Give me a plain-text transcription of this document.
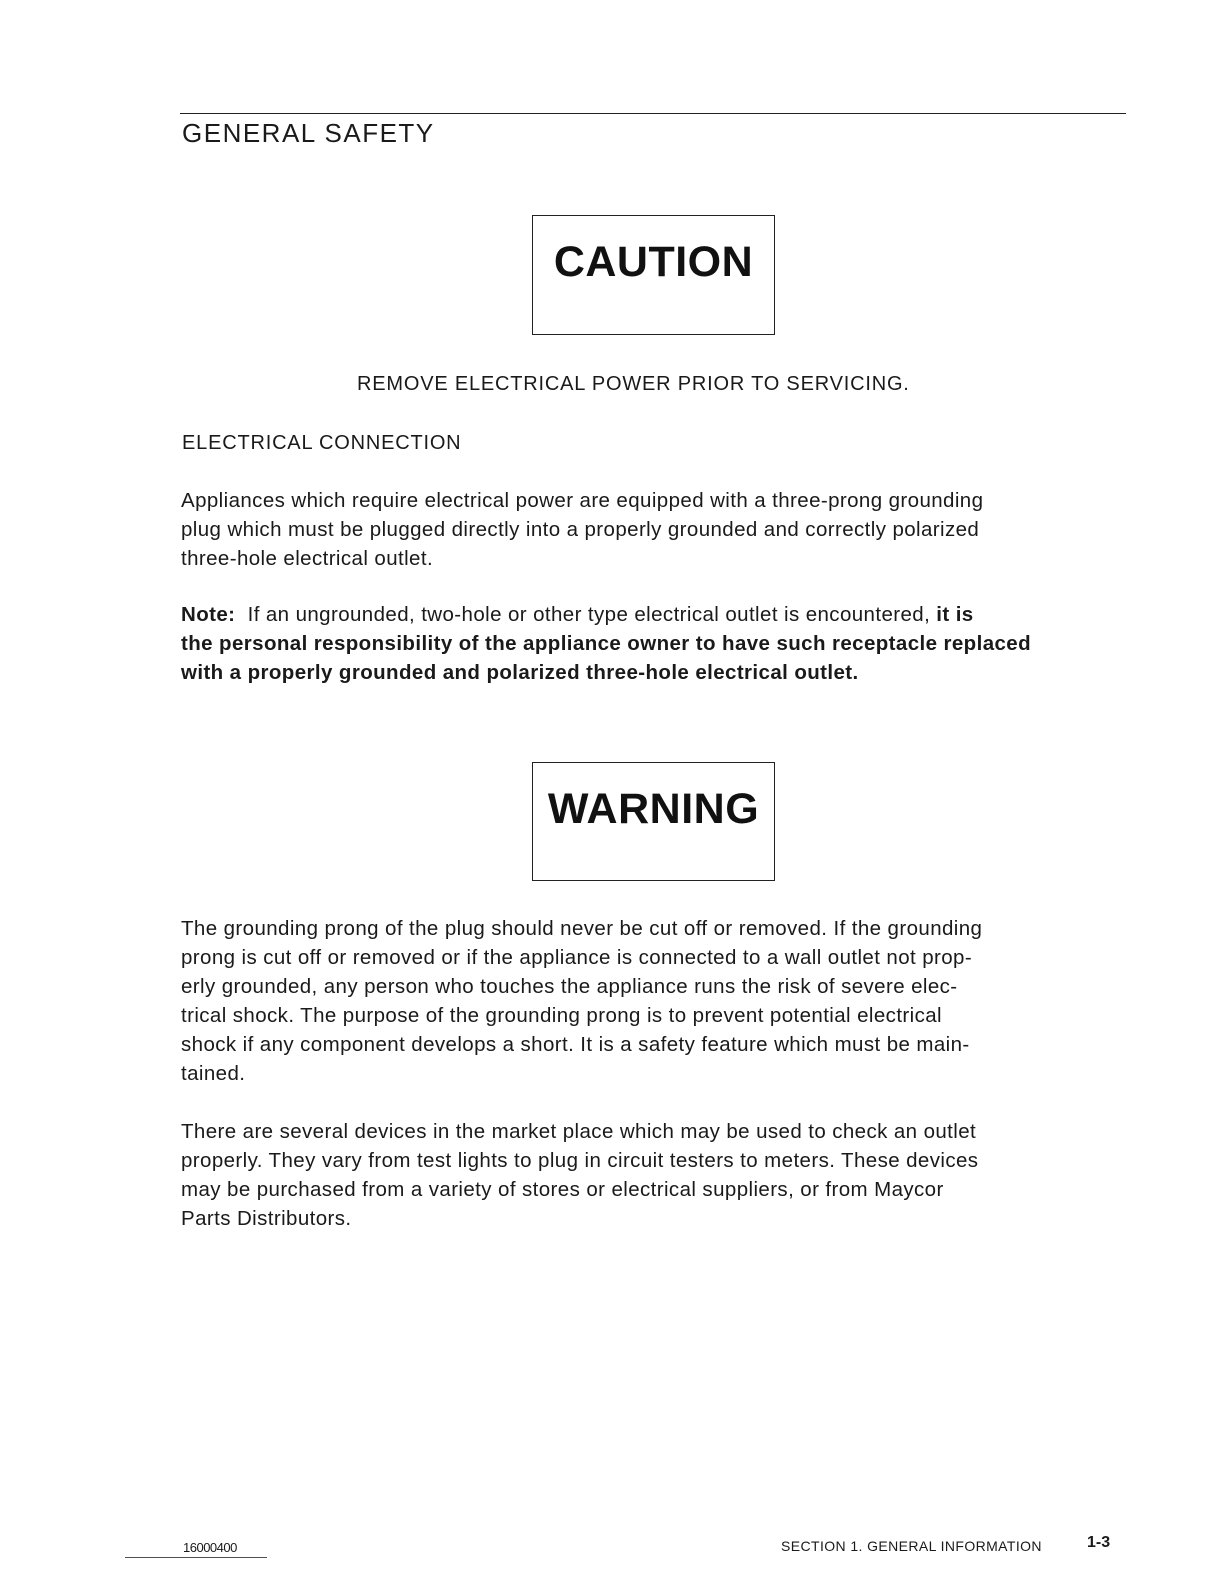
GENERAL SAFETY
CAUTION
REMOVE ELECTRICAL POWER PRIOR TO SERVICING.
ELECTRICAL CONNECTION

Appliances which require electrical power are equipped with a three-prong grounding
plug which must be plugged directly into a properly grounded and correctly polarized
three-hole electrical outlet.

Note: If an ungrounded, two-hole or other type electrical outlet is encountered, it is
the personal responsibility of the appliance owner to have such receptacle replaced
with a properly grounded and polarized three-hole electrical outlet.

WARNING

The grounding prong of the plug should never be cut off or removed. If the grounding
prong is cut off or removed or if the appliance is connected to a wall outlet not prop-
erly grounded, any person who touches the appliance runs the risk of severe elec-
trical shock. The purpose of the grounding prong is to prevent potential electrical
shock if any component develops a short. It is a safety feature which must be main-
tained.

There are several devices in the market place which may be used to check an outlet
properly. They vary from test lights to plug in circuit testers to meters. These devices
may be purchased from a variety of stores or electrical suppliers, or from Maycor
Parts Distributors.

16000400	SECTION 1. GENERAL INFORMATION	1-3
